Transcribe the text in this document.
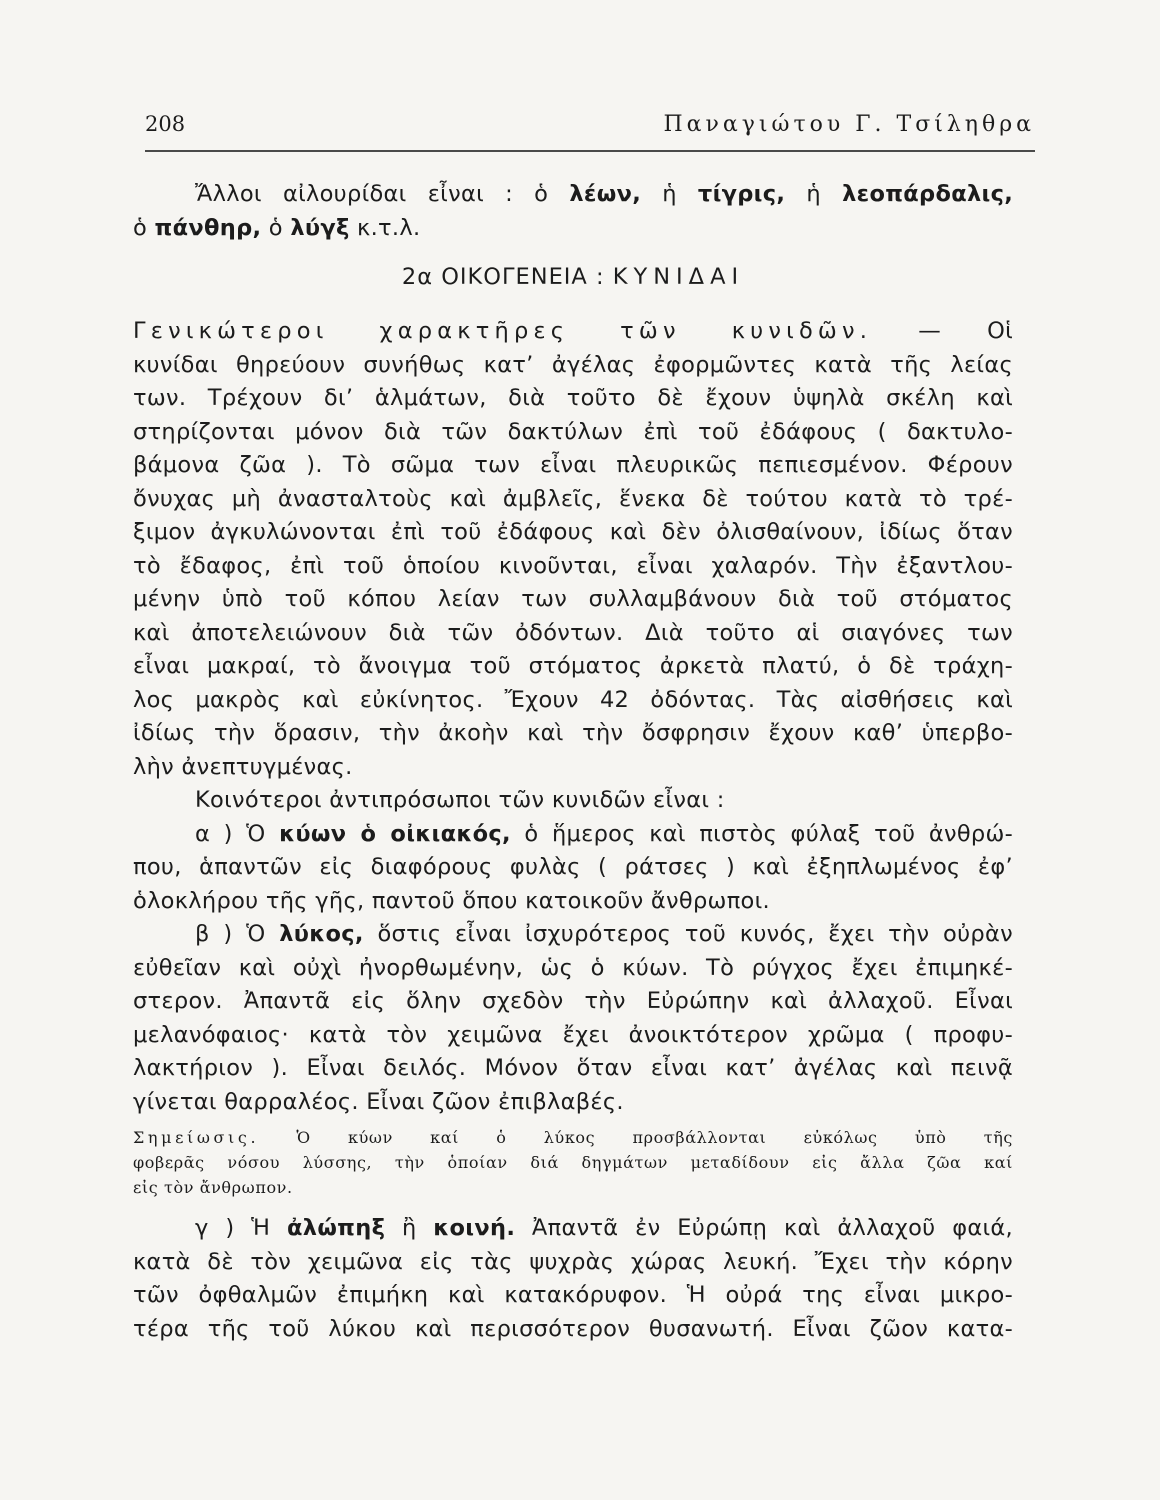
208	Παναγιώτου Γ. Τσίληθρα
Ἄλλοι αἰλουρίδαι εἶναι : ὁ λέων, ἡ τίγρις, ἡ λεοπάρδαλις,
ὁ πάνθηρ, ὁ λύγξ κ.τ.λ.
2α ΟΙΚΟΓΕΝΕΙΑ : ΚΥΝΙΔΑΙ
Γενικώτεροι χαρακτῆρες τῶν κυνιδῶν. — Οἱ
κυνίδαι θηρεύουν συνήθως κατ’ ἀγέλας ἐφορμῶντες κατὰ τῆς λείας
των. Τρέχουν δι’ ἁλμάτων, διὰ τοῦτο δὲ ἔχουν ὑψηλὰ σκέλη καὶ
στηρίζονται μόνον διὰ τῶν δακτύλων ἐπὶ τοῦ ἐδάφους ( δακτυλο-
βάμονα ζῶα ). Τὸ σῶμα των εἶναι πλευρικῶς πεπιεσμένον. Φέρουν
ὄνυχας μὴ ἀνασταλτοὺς καὶ ἀμβλεῖς, ἕνεκα δὲ τούτου κατὰ τὸ τρέ-
ξιμον ἀγκυλώνονται ἐπὶ τοῦ ἐδάφους καὶ δὲν ὀλισθαίνουν, ἰδίως ὅταν
τὸ ἔδαφος, ἐπὶ τοῦ ὁποίου κινοῦνται, εἶναι χαλαρόν. Τὴν ἐξαντλου-
μένην ὑπὸ τοῦ κόπου λείαν των συλλαμβάνουν διὰ τοῦ στόματος
καὶ ἀποτελειώνουν διὰ τῶν ὀδόντων. Διὰ τοῦτο αἱ σιαγόνες των
εἶναι μακραί, τὸ ἄνοιγμα τοῦ στόματος ἀρκετὰ πλατύ, ὁ δὲ τράχη-
λος μακρὸς καὶ εὐκίνητος. Ἔχουν 42 ὀδόντας. Τὰς αἰσθήσεις καὶ
ἰδίως τὴν ὅρασιν, τὴν ἀκοὴν καὶ τὴν ὄσφρησιν ἔχουν καθ’ ὑπερβο-
λὴν ἀνεπτυγμένας.
Κοινότεροι ἀντιπρόσωποι τῶν κυνιδῶν εἶναι :
α ) Ὁ κύων ὁ οἰκιακός, ὁ ἥμερος καὶ πιστὸς φύλαξ τοῦ ἀνθρώ-
που, ἁπαντῶν εἰς διαφόρους φυλὰς ( ράτσες ) καὶ ἐξηπλωμένος ἐφ’
ὁλοκλήρου τῆς γῆς, παντοῦ ὅπου κατοικοῦν ἄνθρωποι.
β ) Ὁ λύκος, ὅστις εἶναι ἰσχυρότερος τοῦ κυνός, ἔχει τὴν οὐρὰν
εὐθεῖαν καὶ οὐχὶ ἠνορθωμένην, ὡς ὁ κύων. Τὸ ρύγχος ἔχει ἐπιμηκέ-
στερον. Ἀπαντᾶ εἰς ὅλην σχεδὸν τὴν Εὐρώπην καὶ ἀλλαχοῦ. Εἶναι
μελανόφαιος· κατὰ τὸν χειμῶνα ἔχει ἀνοικτότερον χρῶμα ( προφυ-
λακτήριον ). Εἶναι δειλός. Μόνον ὅταν εἶναι κατ’ ἀγέλας καὶ πεινᾷ
γίνεται θαρραλέος. Εἶναι ζῶον ἐπιβλαβές.
Σημείωσις. Ὁ κύων καί ὁ λύκος προσβάλλονται εὐκόλως ὑπὸ τῆς
φοβερᾶς νόσου λύσσης, τὴν ὁποίαν διά δηγμάτων μεταδίδουν εἰς ἄλλα ζῶα καί
εἰς τὸν ἄνθρωπον.
γ ) Ἡ ἀλώπηξ ἢ κοινή. Ἀπαντᾶ ἐν Εὐρώπῃ καὶ ἀλλαχοῦ φαιά,
κατὰ δὲ τὸν χειμῶνα εἰς τὰς ψυχρὰς χώρας λευκή. Ἔχει τὴν κόρην
τῶν ὀφθαλμῶν ἐπιμήκη καὶ κατακόρυφον. Ἡ οὐρά της εἶναι μικρο-
τέρα τῆς τοῦ λύκου καὶ περισσότερον θυσανωτή. Εἶναι ζῶον κατα-
